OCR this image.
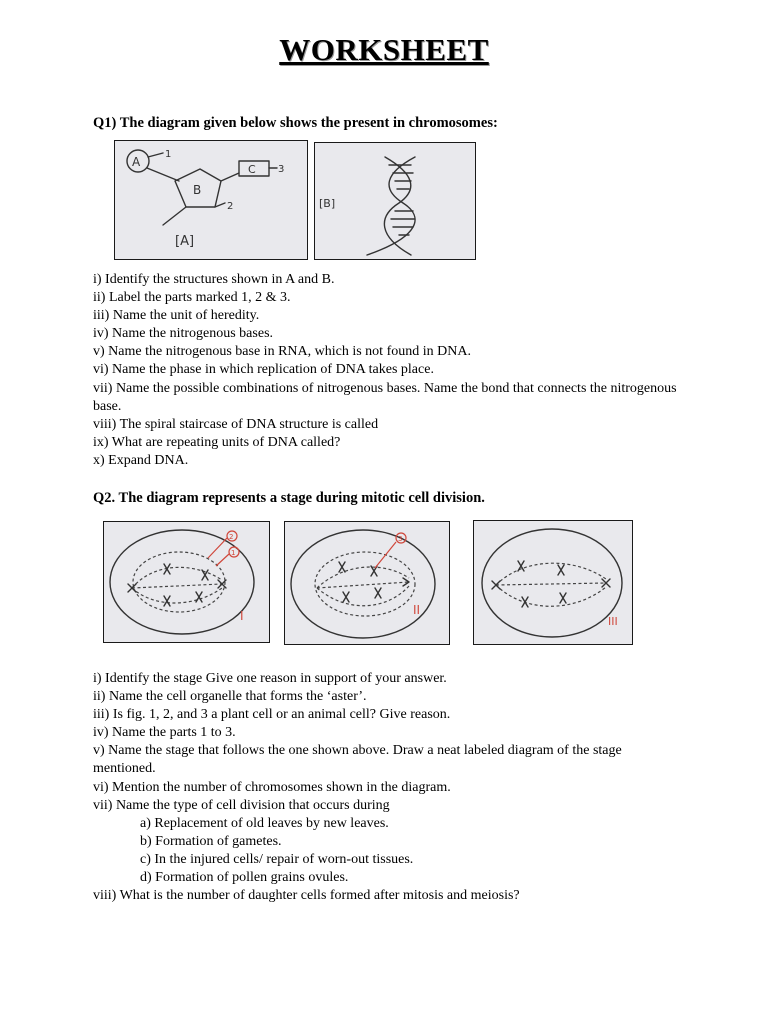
WORKSHEET
Q1) The diagram given below shows the present in chromosomes:
A
1
B
C 3
2
[A]
[B]
i) Identify the structures shown in A and B.
ii) Label the parts marked 1, 2 & 3.
iii) Name the unit of heredity.
iv) Name the nitrogenous bases.
v) Name the nitrogenous base in RNA, which is not found in DNA.
vi) Name the phase in which replication of DNA takes place.
vii) Name the possible combinations of nitrogenous bases. Name the bond that connects the nitrogenous base.
viii) The spiral staircase of DNA structure is called
ix) What are repeating units of DNA called?
x) Expand DNA.
Q2. The diagram represents a stage during mitotic cell division.
2
1
I
3
II
III
i) Identify the stage Give one reason in support of your answer.
ii) Name the cell organelle that forms the ‘aster’.
iii) Is fig. 1, 2, and 3 a plant cell or an animal cell? Give reason.
iv) Name the parts 1 to 3.
v) Name the stage that follows the one shown above. Draw a neat labeled diagram of the stage mentioned.
vi) Mention the number of chromosomes shown in the diagram.
vii) Name the type of cell division that occurs during
a) Replacement of old leaves by new leaves.
b) Formation of gametes.
c) In the injured cells/ repair of worn-out tissues.
d) Formation of pollen grains ovules.
viii) What is the number of daughter cells formed after mitosis and meiosis?
